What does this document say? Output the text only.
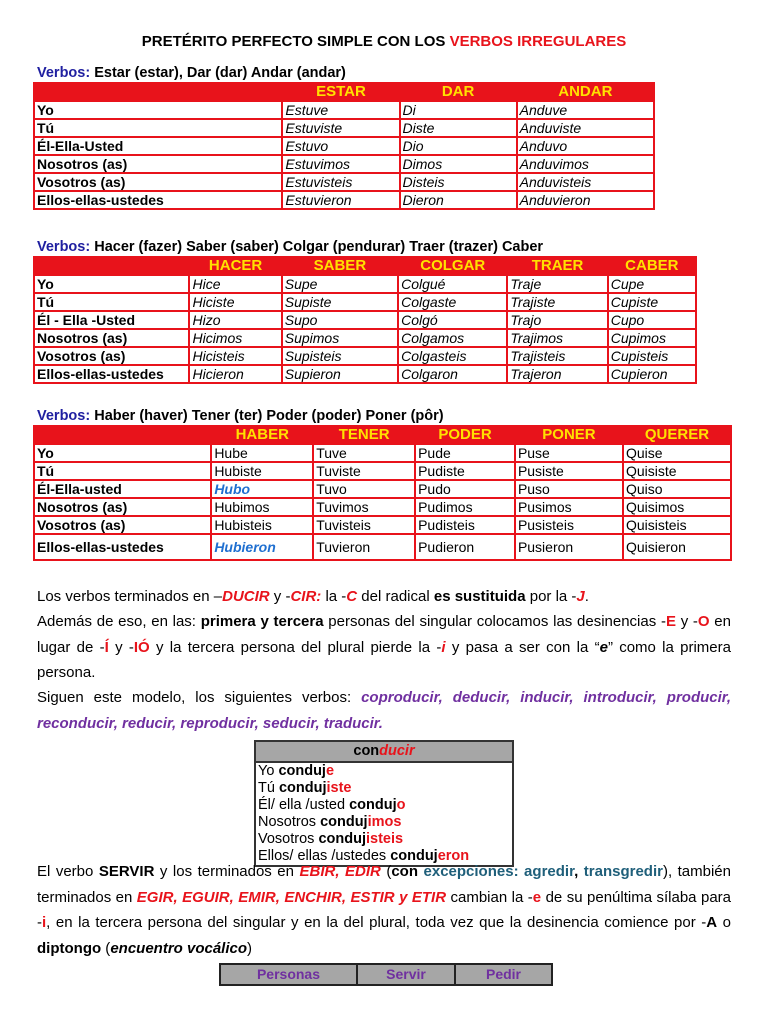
PRETÉRITO PERFECTO SIMPLE CON LOS VERBOS IRREGULARES
Verbos: Estar (estar), Dar (dar) Andar (andar)
	ESTAR	DAR	ANDAR
Yo	Estuve	Di	Anduve
Tú	Estuviste	Diste	Anduviste
Él-Ella-Usted	Estuvo	Dio	Anduvo
Nosotros (as)	Estuvimos	Dimos	Anduvimos
Vosotros (as)	Estuvisteis	Disteis	Anduvisteis
Ellos-ellas-ustedes	Estuvieron	Dieron	Anduvieron
Verbos: Hacer (fazer) Saber (saber) Colgar (pendurar) Traer (trazer) Caber
	HACER	SABER	COLGAR	TRAER	CABER
Yo	Hice	Supe	Colgué	Traje	Cupe
Tú	Hiciste	Supiste	Colgaste	Trajiste	Cupiste
Él - Ella -Usted	Hizo	Supo	Colgó	Trajo	Cupo
Nosotros (as)	Hicimos	Supimos	Colgamos	Trajimos	Cupimos
Vosotros (as)	Hicisteis	Supisteis	Colgasteis	Trajisteis	Cupisteis
Ellos-ellas-ustedes	Hicieron	Supieron	Colgaron	Trajeron	Cupieron
Verbos: Haber (haver) Tener (ter) Poder (poder) Poner (pôr)
	HABER	TENER	PODER	PONER	QUERER
Yo	Hube	Tuve	Pude	Puse	Quise
Tú	Hubiste	Tuviste	Pudiste	Pusiste	Quisiste
Él-Ella-usted	Hubo	Tuvo	Pudo	Puso	Quiso
Nosotros (as)	Hubimos	Tuvimos	Pudimos	Pusimos	Quisimos
Vosotros (as)	Hubisteis	Tuvisteis	Pudisteis	Pusisteis	Quisisteis
Ellos-ellas-ustedes	Hubieron	Tuvieron	Pudieron	Pusieron	Quisieron
Los verbos terminados en –DUCIR y -CIR: la -C del radical es sustituida por la -J.
Además de eso, en las: primera y tercera personas del singular colocamos las desinencias -E y -O en lugar de -Í y -IÓ y la tercera persona del plural pierde la -i y pasa a ser con la “e” como la primera persona.
Siguen este modelo, los siguientes verbos: coproducir, deducir, inducir, introducir, producir, reconducir, reducir, reproducir, seducir, traducir.
conducir
Yo conduje
Tú condujiste
Él/ ella /usted condujo
Nosotros condujimos
Vosotros condujisteis
Ellos/ ellas /ustedes condujeron
El verbo SERVIR y los terminados en EBIR, EDIR (con excepciones: agredir, transgredir), también terminados en EGIR, EGUIR, EMIR, ENCHIR, ESTIR y ETIR cambian la -e de su penúltima sílaba para -i, en la tercera persona del singular y en la del plural, toda vez que la desinencia comience por -A o diptongo (encuentro vocálico)
Personas	Servir	Pedir
